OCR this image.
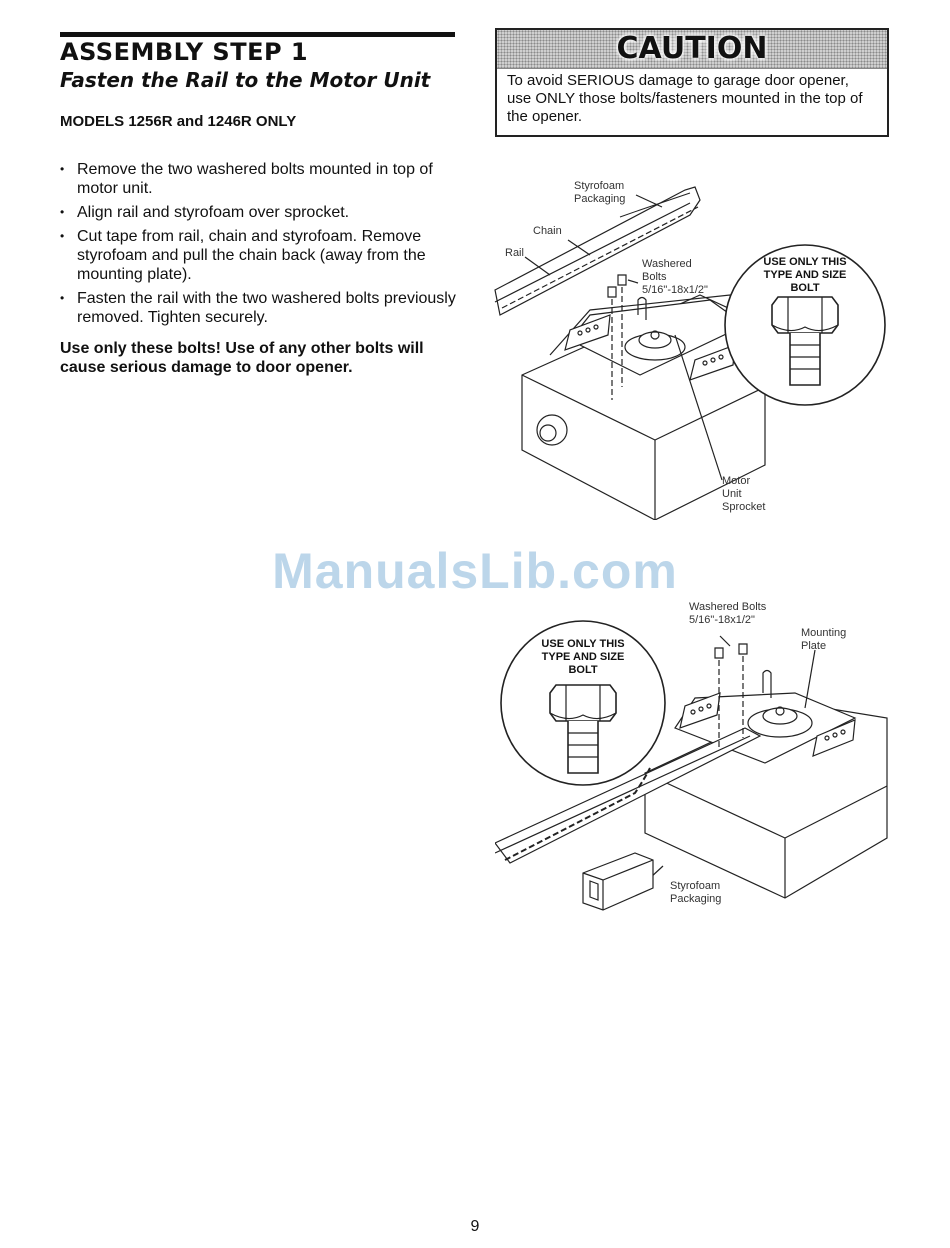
ASSEMBLY STEP 1
Fasten the Rail to the Motor Unit
MODELS 1256R and 1246R ONLY
• Remove the two washered bolts mounted in top of motor unit.
• Align rail and styrofoam over sprocket.
• Cut tape from rail, chain and styrofoam. Remove styrofoam and pull the chain back (away from the mounting plate).
• Fasten the rail with the two washered bolts previously removed. Tighten securely.
Use only these bolts! Use of any other bolts will cause serious damage to door opener.
CAUTION
To avoid SERIOUS damage to garage door opener, use ONLY those bolts/fasteners mounted in the top of the opener.
Styrofoam
Packaging
Chain
Rail
Washered
Bolts
5/16"-18x1/2"
Motor
Unit
Sprocket
USE ONLY THIS
TYPE AND SIZE
BOLT
ManualsLib.com
Washered Bolts
5/16"-18x1/2"
Mounting
Plate
Styrofoam
Packaging
USE ONLY THIS
TYPE AND SIZE
BOLT
9
